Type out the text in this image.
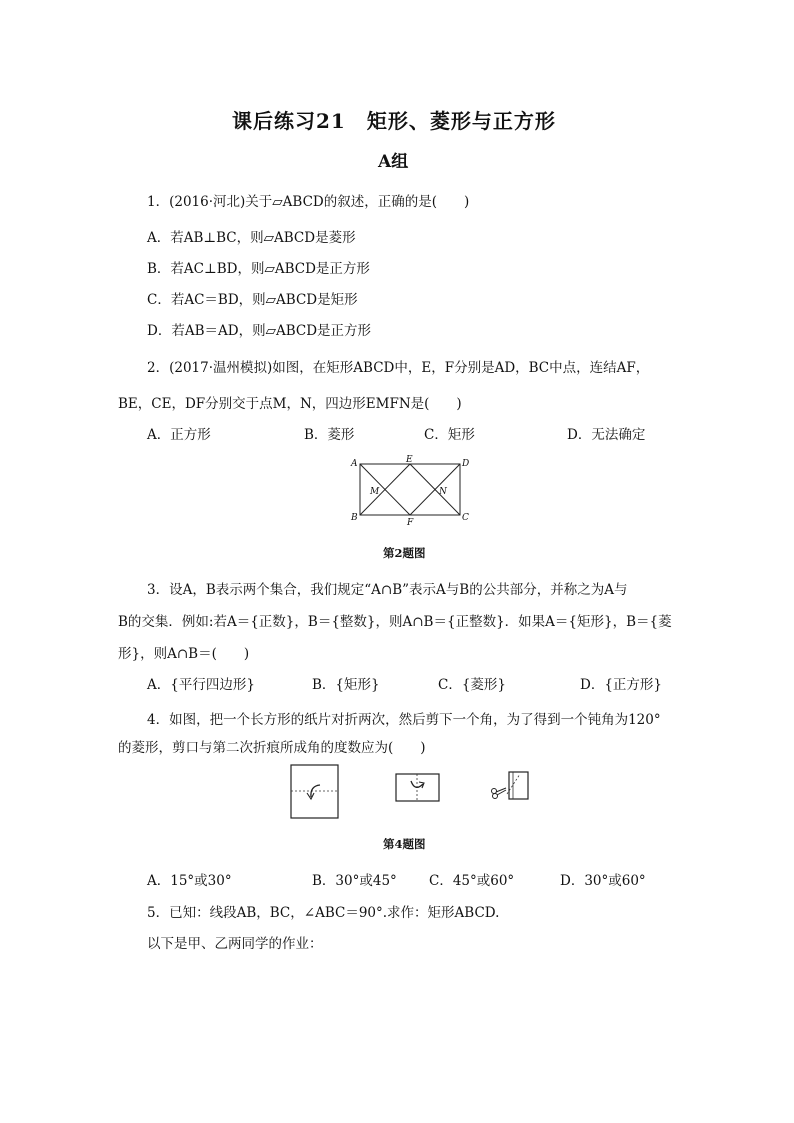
课后练习21　矩形、菱形与正方形
A组
1．(2016·河北)关于▱ABCD的叙述，正确的是(　　)
A．若AB⊥BC，则▱ABCD是菱形
B．若AC⊥BD，则▱ABCD是正方形
C．若AC＝BD，则▱ABCD是矩形
D．若AB＝AD，则▱ABCD是正方形
2．(2017·温州模拟)如图，在矩形ABCD中，E，F分别是AD，BC中点，连结AF，
BE，CE，DF分别交于点M，N，四边形EMFN是(　　)
A．正方形	B．菱形	C．矩形	D．无法确定
A	E	D
M	N
B	F	C
第2题图
3．设A，B表示两个集合，我们规定“A∩B”表示A与B的公共部分，并称之为A与
B的交集．例如:若A＝{正数}，B＝{整数}，则A∩B＝{正整数}．如果A＝{矩形}，B＝{菱
形}，则A∩B＝(　　)
A．{平行四边形}	B．{矩形}	C．{菱形}	D．{正方形}
4．如图，把一个长方形的纸片对折两次，然后剪下一个角，为了得到一个钝角为120°
的菱形，剪口与第二次折痕所成角的度数应为(　　)
第4题图
A．15°或30°	B．30°或45° C．45°或60°	D．30°或60°
5．已知：线段AB，BC，∠ABC＝90°.求作：矩形ABCD.
以下是甲、乙两同学的作业：
